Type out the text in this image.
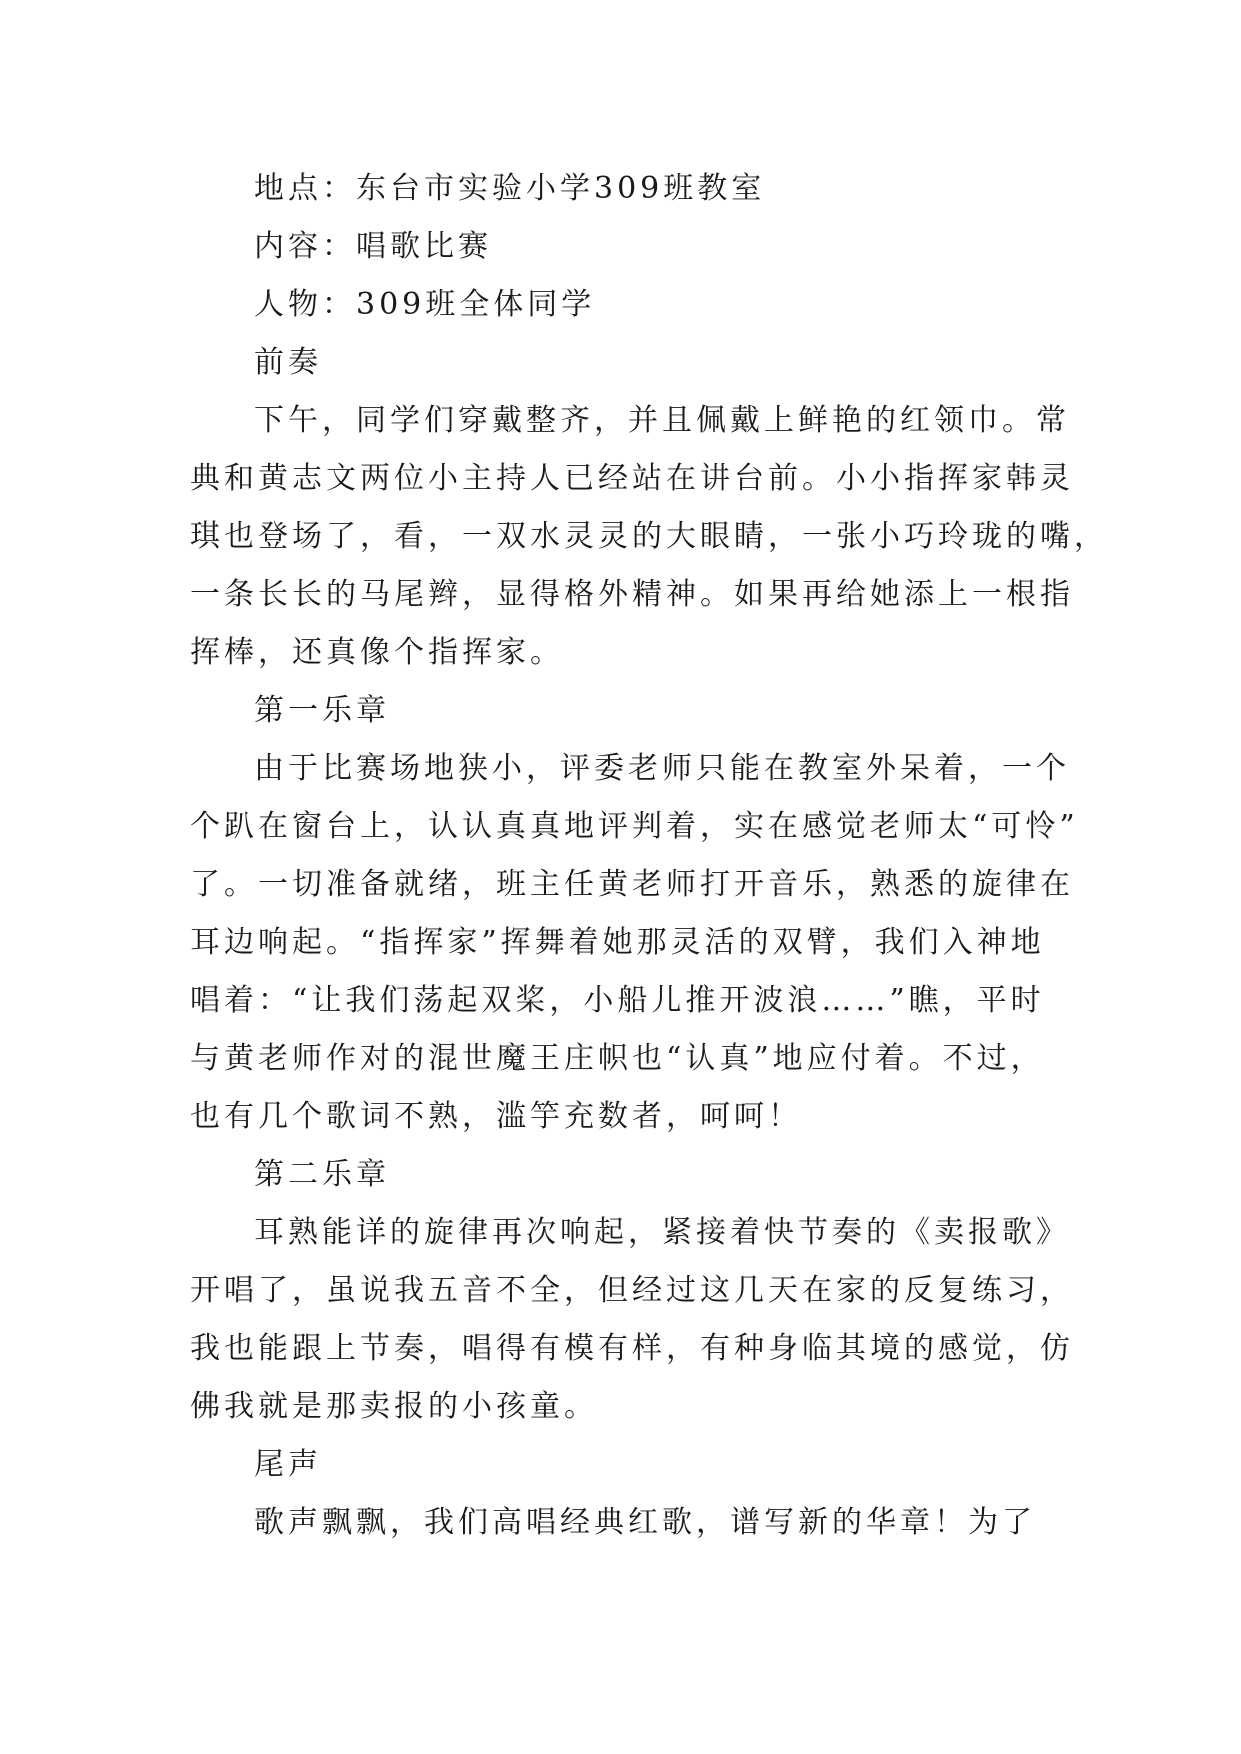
地点：东台市实验小学309班教室

内容：唱歌比赛

人物：309班全体同学

前奏

下午，同学们穿戴整齐，并且佩戴上鲜艳的红领巾。常

典和黄志文两位小主持人已经站在讲台前。小小指挥家韩灵

琪也登场了，看，一双水灵灵的大眼睛，一张小巧玲珑的嘴，

一条长长的马尾辫，显得格外精神。如果再给她添上一根指

挥棒，还真像个指挥家。

第一乐章

由于比赛场地狭小，评委老师只能在教室外呆着，一个

个趴在窗台上，认认真真地评判着，实在感觉老师太“可怜”

了。一切准备就绪，班主任黄老师打开音乐，熟悉的旋律在

耳边响起。“指挥家”挥舞着她那灵活的双臂，我们入神地

唱着：“让我们荡起双桨，小船儿推开波浪……”瞧，平时

与黄老师作对的混世魔王庄帜也“认真”地应付着。不过，

也有几个歌词不熟，滥竽充数者，呵呵！

第二乐章

耳熟能详的旋律再次响起，紧接着快节奏的《卖报歌》

开唱了，虽说我五音不全，但经过这几天在家的反复练习，

我也能跟上节奏，唱得有模有样，有种身临其境的感觉，仿

佛我就是那卖报的小孩童。

尾声

歌声飘飘，我们高唱经典红歌，谱写新的华章！为了
